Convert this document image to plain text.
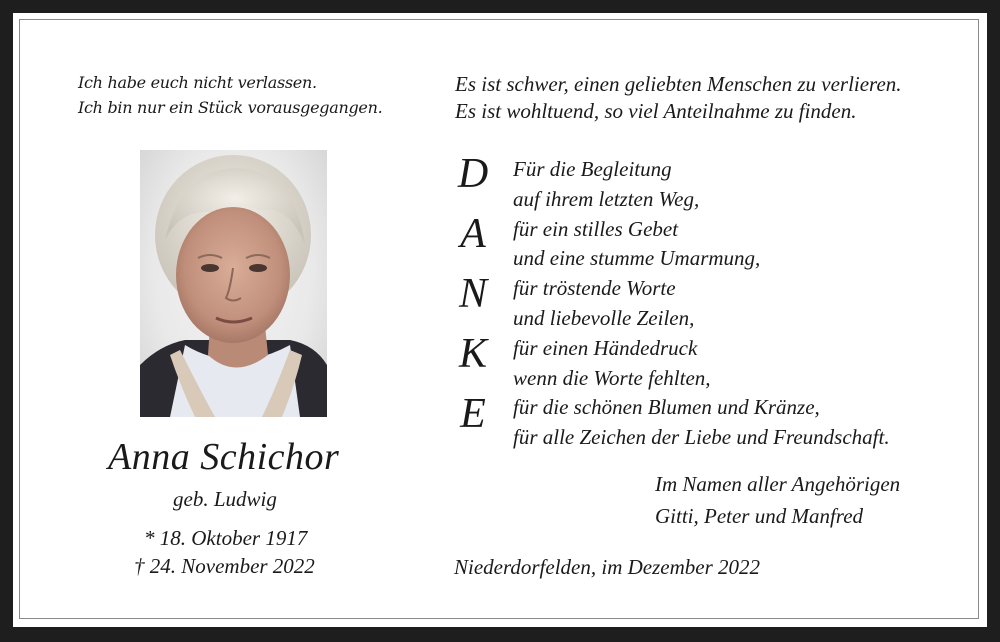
Ich habe euch nicht verlassen.
Ich bin nur ein Stück vorausgegangen.
Es ist schwer, einen geliebten Menschen zu verlieren.
Es ist wohltuend, so viel Anteilnahme zu finden.
Anna Schichor
geb. Ludwig
* 18. Oktober 1917
† 24. November 2022
D
A
N
K
E
Für die Begleitung
auf ihrem letzten Weg,
für ein stilles Gebet
und eine stumme Umarmung,
für tröstende Worte
und liebevolle Zeilen,
für einen Händedruck
wenn die Worte fehlten,
für die schönen Blumen und Kränze,
für alle Zeichen der Liebe und Freundschaft.
Im Namen aller Angehörigen
Gitti, Peter und Manfred
Niederdorfelden, im Dezember 2022
